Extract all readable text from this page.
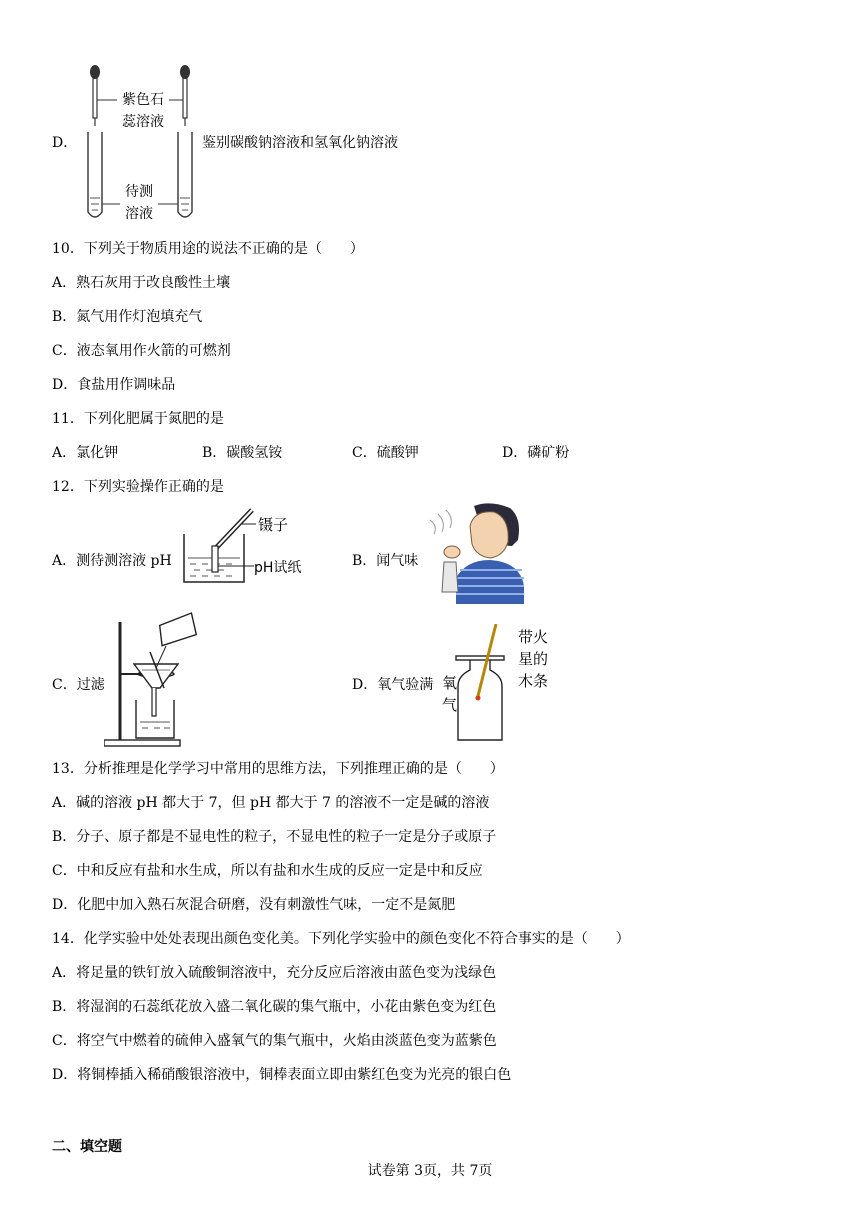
D．
紫色石
蕊溶液
待测
溶液
鉴别碳酸钠溶液和氢氧化钠溶液
10．下列关于物质用途的说法不正确的是（　　）
A．熟石灰用于改良酸性土壤
B．氮气用作灯泡填充气
C．液态氧用作火箭的可燃剂
D．食盐用作调味品
11．下列化肥属于氮肥的是
A．氯化钾	B．碳酸氢铵	C．硫酸钾	D．磷矿粉
12．下列实验操作正确的是
A．测待测溶液 pH
镊子
pH试纸	B．闻气味
C．过滤	D．氧气验满 氧
气
带火
星的
木条
13．分析推理是化学学习中常用的思维方法，下列推理正确的是（　　）
A．碱的溶液 pH 都大于 7，但 pH 都大于 7 的溶液不一定是碱的溶液
B．分子、原子都是不显电性的粒子，不显电性的粒子一定是分子或原子
C．中和反应有盐和水生成，所以有盐和水生成的反应一定是中和反应
D．化肥中加入熟石灰混合研磨，没有刺激性气味，一定不是氮肥
14．化学实验中处处表现出颜色变化美。下列化学实验中的颜色变化不符合事实的是（　　）
A．将足量的铁钉放入硫酸铜溶液中，充分反应后溶液由蓝色变为浅绿色
B．将湿润的石蕊纸花放入盛二氧化碳的集气瓶中，小花由紫色变为红色
C．将空气中燃着的硫伸入盛氧气的集气瓶中，火焰由淡蓝色变为蓝紫色
D．将铜棒插入稀硝酸银溶液中，铜棒表面立即由紫红色变为光亮的银白色
二、填空题
试卷第 3页，共 7页
